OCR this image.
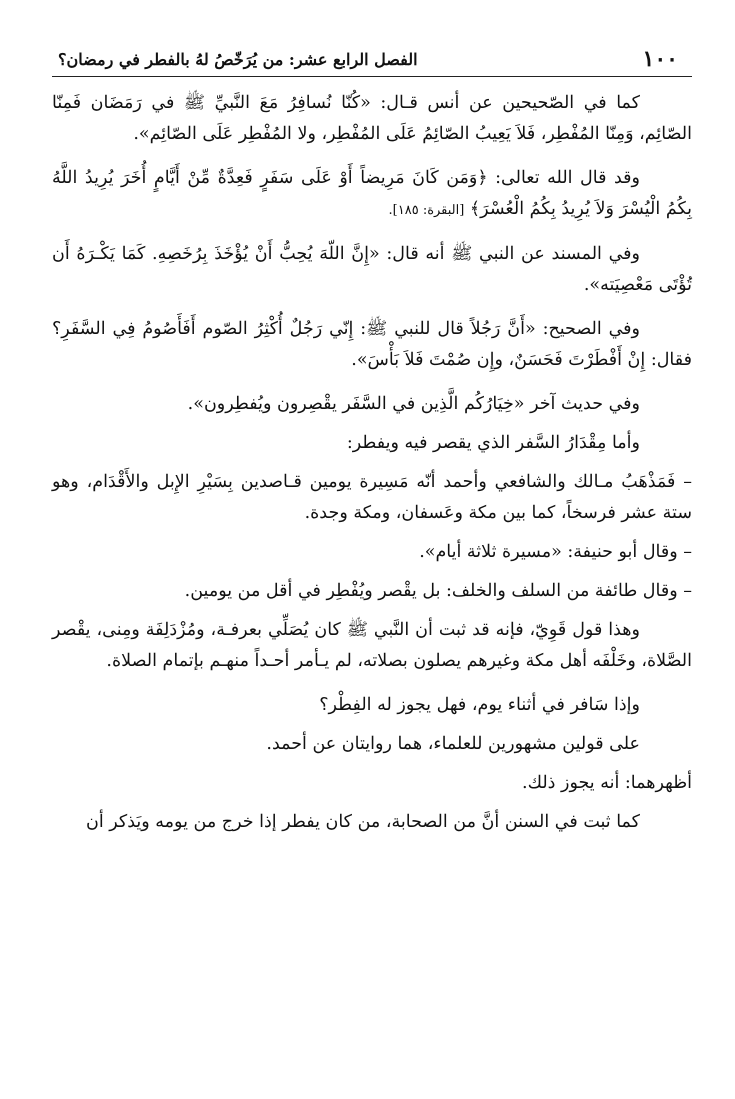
١٠٠
الفصل الرابع عشر: من يُرَخّصُ لهُ بالفطر في رمضان؟

كما في الصّحيحين عن أنس قـال: «كُنّا نُسافِرُ مَعَ النَّبيِّ ﷺ في رَمَضَان فَمِنّا الصّائِم، وَمِنّا المُفْطِر، فَلاَ يَعِيبُ الصّائِمُ عَلَى المُفْطِر، ولا المُفْطِر عَلَى الصّائِم».

وقد قال الله تعالى: ﴿وَمَن كَانَ مَرِيضاً أَوْ عَلَى سَفَرٍ فَعِدَّةٌ مِّنْ أَيَّامٍ أُخَرَ يُرِيدُ اللَّهُ بِكُمُ الْيُسْرَ وَلاَ يُرِيدُ بِكُمُ الْعُسْرَ﴾ [البقرة: ١٨٥].

وفي المسند عن النبي ﷺ أنه قال: «إِنَّ اللّهَ يُحِبُّ أَنْ يُؤْخَذَ بِرُخَصِهِ. كَمَا يَكْـرَهُ أَن تُؤْتَى مَعْصِيَته».

وفي الصحيح: «أَنَّ رَجُلاً قال للنبي ﷺ: إِنّي رَجُلٌ أُكْثِرُ الصّوم أَفَأَصُومُ فِي السَّفَرِ؟ فقال: إِنْ أَفْطَرْتَ فَحَسَنٌ، وإِن صُمْتَ فَلاَ بَأْسَ».

وفي حديث آخر «خِيَارُكُم الَّذِين في السَّفَر يقْصِرون ويُفطِرون».

وأما مِقْدَارُ السَّفر الذي يقصر فيه ويفطر:

– فَمَذْهَبُ مـالك والشافعي وأحمد أنّه مَسِيرة يومين قـاصدين بِسَيْرِ الإِبل والأَقْدَام، وهو ستة عشر فرسخاً، كما بين مكة وعَسفان، ومكة وجدة.

– وقال أبو حنيفة: «مسيرة ثلاثة أيام».

– وقال طائفة من السلف والخلف: بل يقْصر ويُفْطِر في أقل من يومين.

وهذا قول قَوِيّ، فإنه قد ثبت أن النَّبي ﷺ كان يُصَلِّي بعرفـة، ومُزْدَلِفَة ومِنى، يقْصر الصَّلاة، وخَلْفَه أهل مكة وغيرهم يصلون بصلاته، لم يـأمر أحـداً منهـم بإتمام الصلاة.

وإذا سَافر في أثناء يوم، فهل يجوز له الفِطْر؟

على قولين مشهورين للعلماء، هما روايتان عن أحمد.

أظهرهما: أنه يجوز ذلك.

كما ثبت في السنن أنَّ من الصحابة، من كان يفطر إذا خرج من يومه ويَذكر أن
